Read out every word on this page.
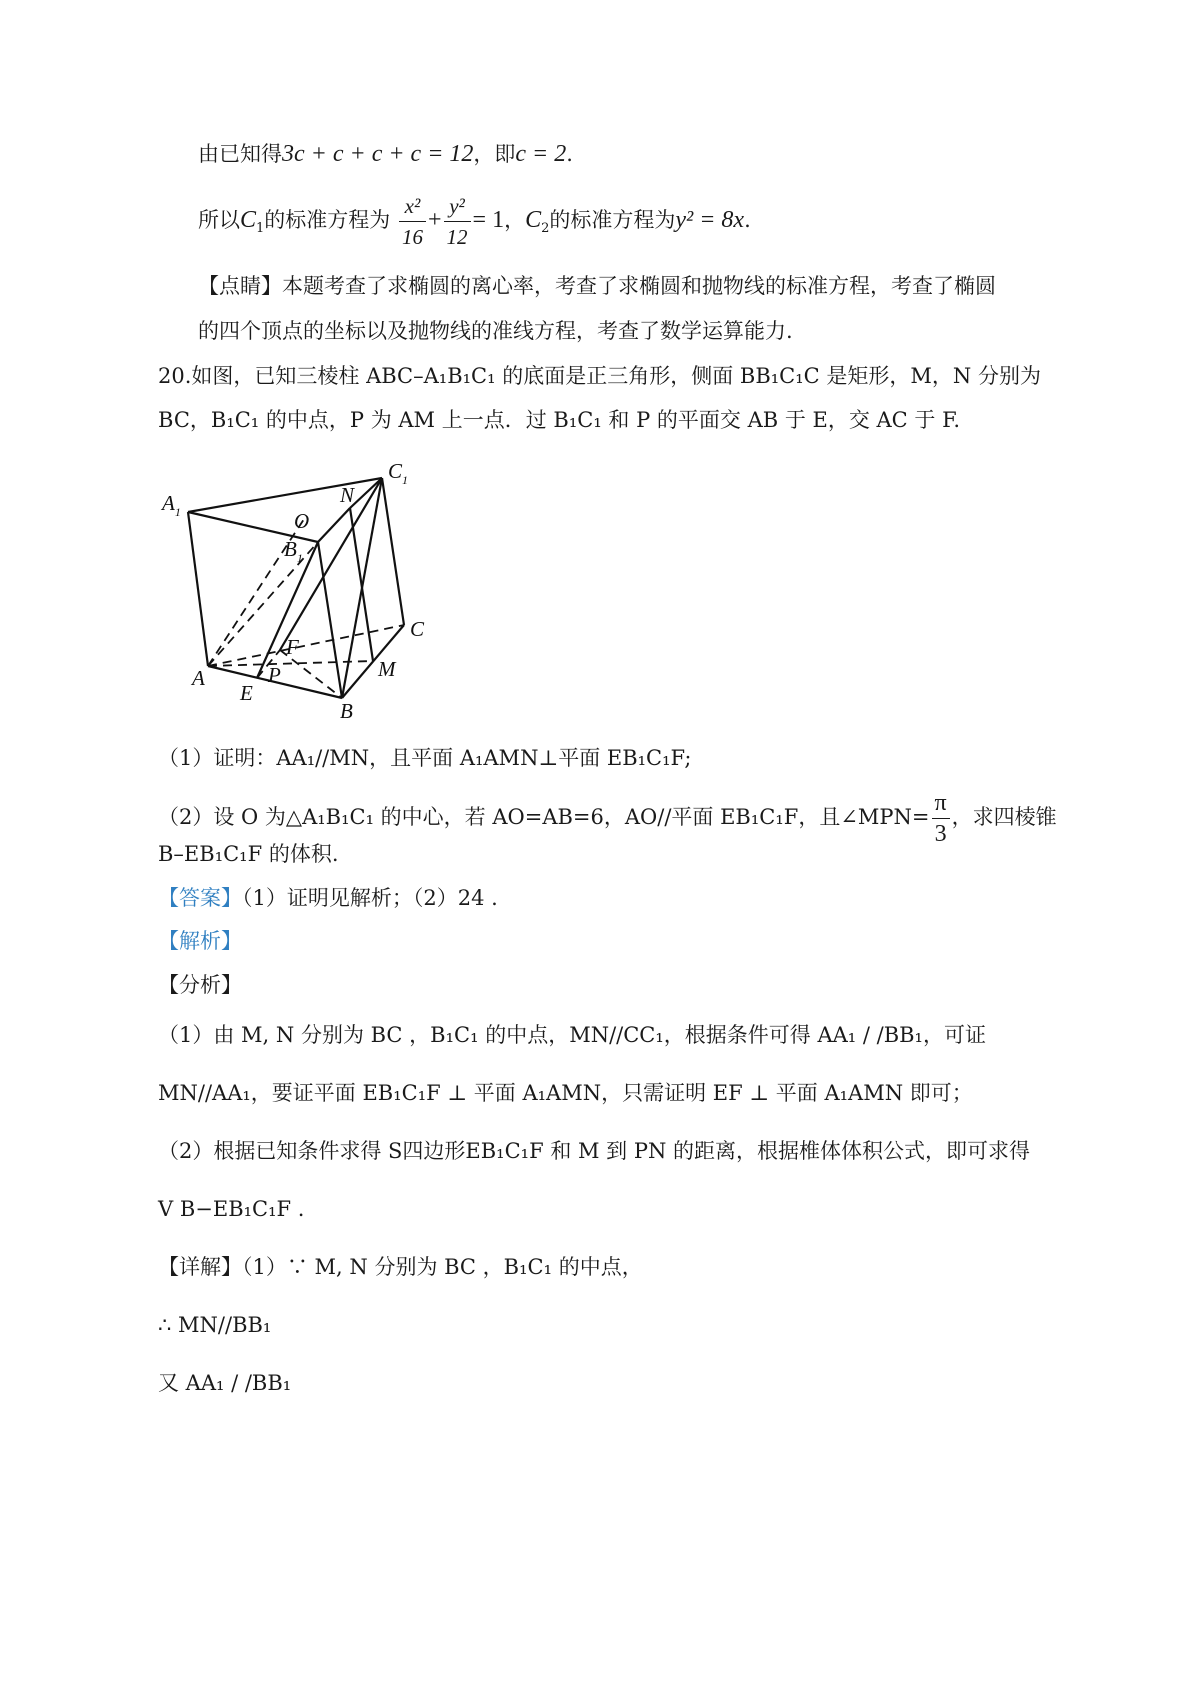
由已知得3c + c + c + c = 12，即c = 2.
所以$C_1$的标准方程为 $\frac{\text{x²}}{16} + \frac{\text{y²}}{12} = 1$，$C_2$的标准方程为y² = 8x.
【点睛】本题考查了求椭圆的离心率，考查了求椭圆和抛物线的标准方程，考查了椭圆
的四个顶点的坐标以及抛物线的准线方程，考查了数学运算能力.
20.如图，已知三棱柱 ABC–A₁B₁C₁ 的底面是正三角形，侧面 BB₁C₁C 是矩形，M，N 分别为
BC，B₁C₁ 的中点，P 为 AM 上一点．过 B₁C₁ 和 P 的平面交 AB 于 E，交 AC 于 F.
$A_1$
$C_1$
N
O
$B_1$
C
F
M
A	P
E
B
（1）证明：AA₁//MN，且平面 A₁AMN⊥平面 EB₁C₁F;
（2）设 O 为△A₁B₁C₁ 的中心，若 AO=AB=6，AO//平面 EB₁C₁F，且∠MPN= $\frac{\pi}{3}$ ，求四棱锥
B–EB₁C₁F 的体积.
【答案】（1）证明见解析；（2）24 .
【解析】
【分析】
（1）由 M, N 分别为 BC ，B₁C₁ 的中点，MN//CC₁，根据条件可得 AA₁ / /BB₁，可证
MN//AA₁，要证平面 EB₁C₁F ⊥ 平面 A₁AMN，只需证明 EF ⊥ 平面 A₁AMN 即可；
（2）根据已知条件求得 S四边形EB₁C₁F 和 M 到 PN 的距离，根据椎体体积公式，即可求得
V B−EB₁C₁F .
【详解】（1）∵ M, N 分别为 BC ，B₁C₁ 的中点，
∴ MN//BB₁
又 AA₁ / /BB₁
